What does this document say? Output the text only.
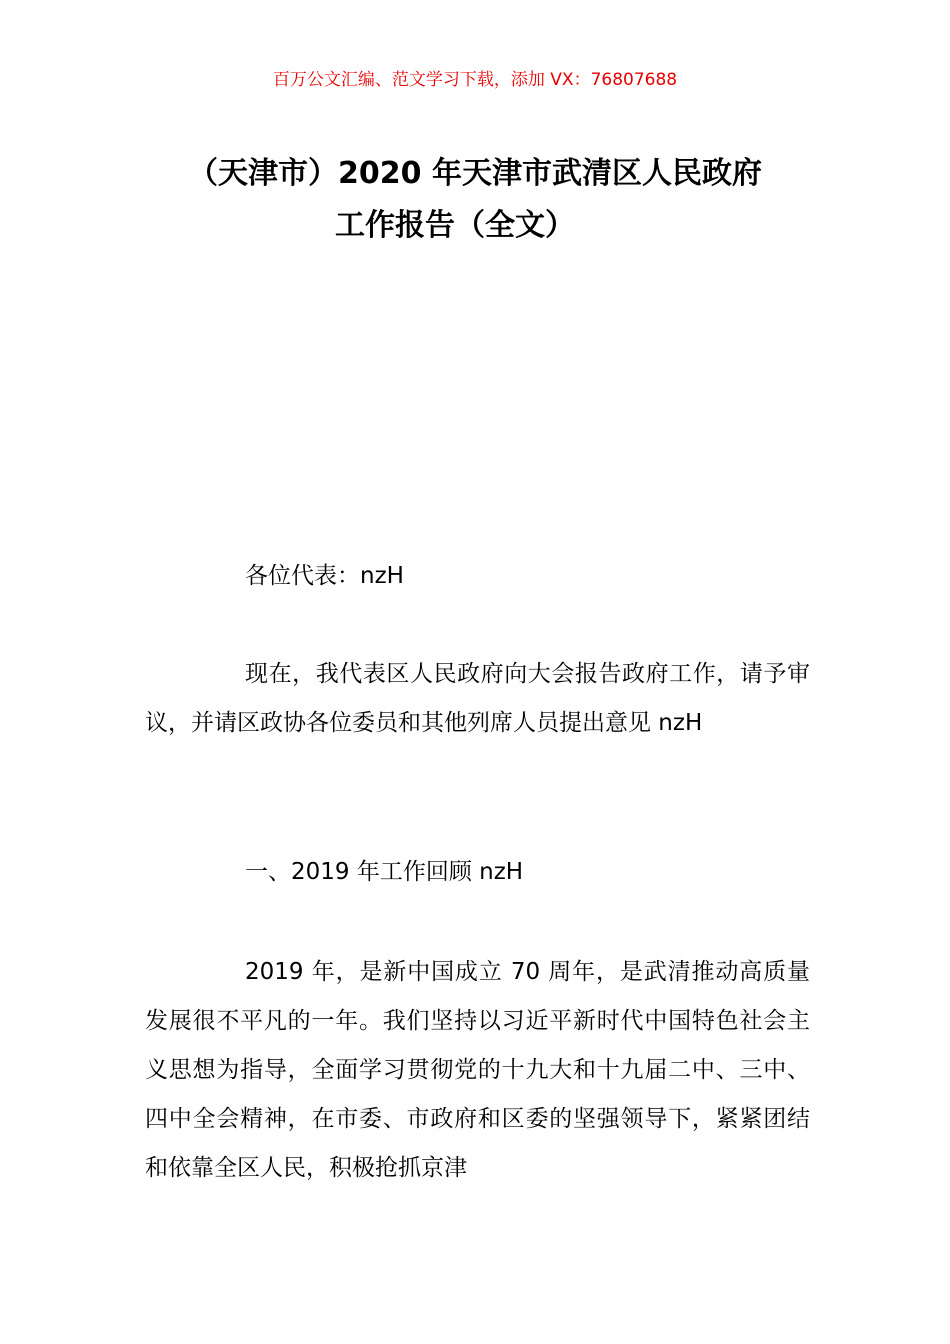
百万公文汇编、范文学习下载，添加 VX：76807688
（天津市）2020 年天津市武清区人民政府
工作报告（全文）

各位代表：nzH

现在，我代表区人民政府向大会报告政府工作，请予审议，并请区政协各位委员和其他列席人员提出意见 nzH

一、2019 年工作回顾 nzH

2019 年，是新中国成立 70 周年，是武清推动高质量发展很不平凡的一年。我们坚持以习近平新时代中国特色社会主义思想为指导，全面学习贯彻党的十九大和十九届二中、三中、四中全会精神，在市委、市政府和区委的坚强领导下，紧紧团结和依靠全区人民，积极抢抓京津
